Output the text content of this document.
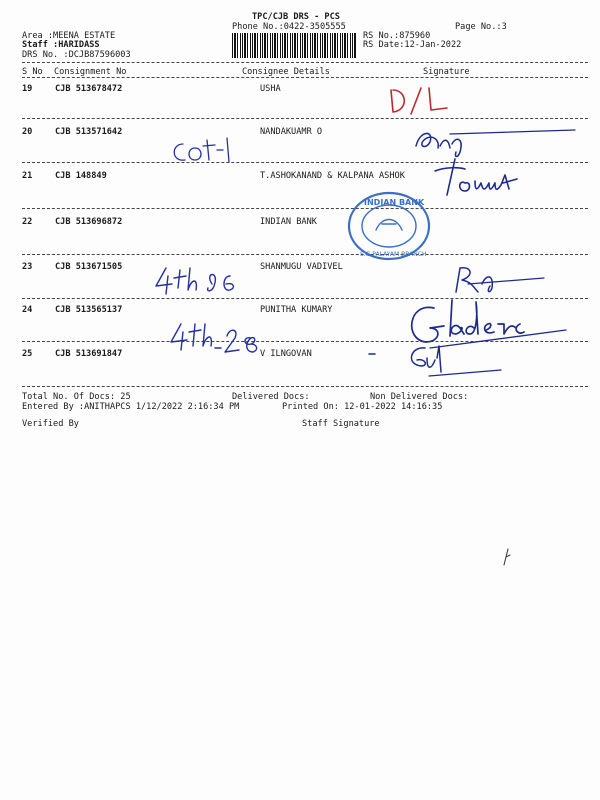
TPC/CJB DRS - PCS
Phone No.:0422-3505555	Page No.:3
Area :MEENA ESTATE
Staff :HARIDASS
DRS No. :DCJB87596003
RS No.:875960
RS Date:12-Jan-2022
S No Consignment No	Consignee Details	Signature
19	CJB 513678472	USHA
20	CJB 513571642	NANDAKUAMR O
21	CJB 148849	T.ASHOKANAND & KALPANA ASHOK
22	CJB 513696872	INDIAN BANK
23	CJB 513671505	SHANMUGU VADIVEL
24	CJB 513565137	PUNITHA KUMARY
25	CJB 513691847	V ILNGOVAN
Total No. Of Docs: 25	Delivered Docs:	Non Delivered Docs:
Entered By :ANITHAPCS 1/12/2022 2:16:34 PM	Printed On: 12-01-2022 14:16:35
Verified By	Staff Signature
INDIAN BANK
S.G.PALAYAM BRANCH
